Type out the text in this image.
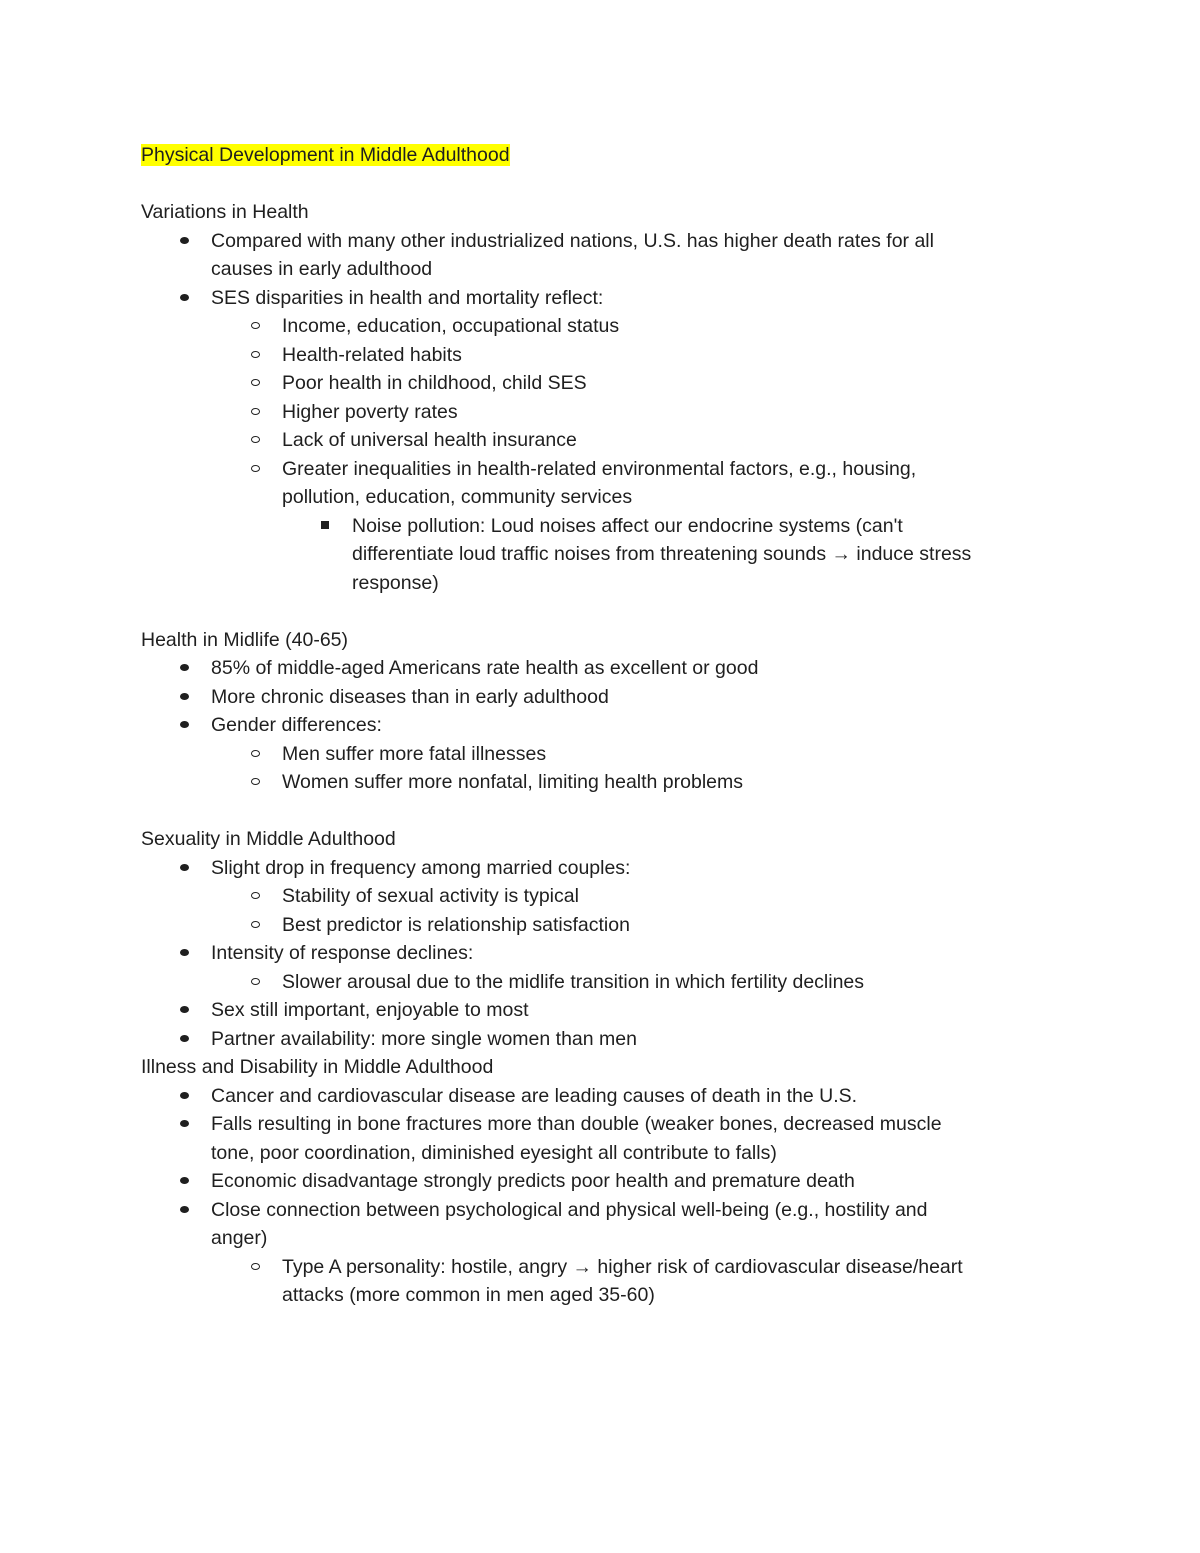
Physical Development in Middle Adulthood
Variations in Health
Compared with many other industrialized nations, U.S. has higher death rates for all
causes in early adulthood
SES disparities in health and mortality reflect:
Income, education, occupational status
Health-related habits
Poor health in childhood, child SES
Higher poverty rates
Lack of universal health insurance
Greater inequalities in health-related environmental factors, e.g., housing,
pollution, education, community services
Noise pollution: Loud noises affect our endocrine systems (can't
differentiate loud traffic noises from threatening sounds → induce stress
response)
Health in Midlife (40-65)
85% of middle-aged Americans rate health as excellent or good
More chronic diseases than in early adulthood
Gender differences:
Men suffer more fatal illnesses
Women suffer more nonfatal, limiting health problems
Sexuality in Middle Adulthood
Slight drop in frequency among married couples:
Stability of sexual activity is typical
Best predictor is relationship satisfaction
Intensity of response declines:
Slower arousal due to the midlife transition in which fertility declines
Sex still important, enjoyable to most
Partner availability: more single women than men
Illness and Disability in Middle Adulthood
Cancer and cardiovascular disease are leading causes of death in the U.S.
Falls resulting in bone fractures more than double (weaker bones, decreased muscle
tone, poor coordination, diminished eyesight all contribute to falls)
Economic disadvantage strongly predicts poor health and premature death
Close connection between psychological and physical well-being (e.g., hostility and
anger)
Type A personality: hostile, angry → higher risk of cardiovascular disease/heart
attacks (more common in men aged 35-60)
